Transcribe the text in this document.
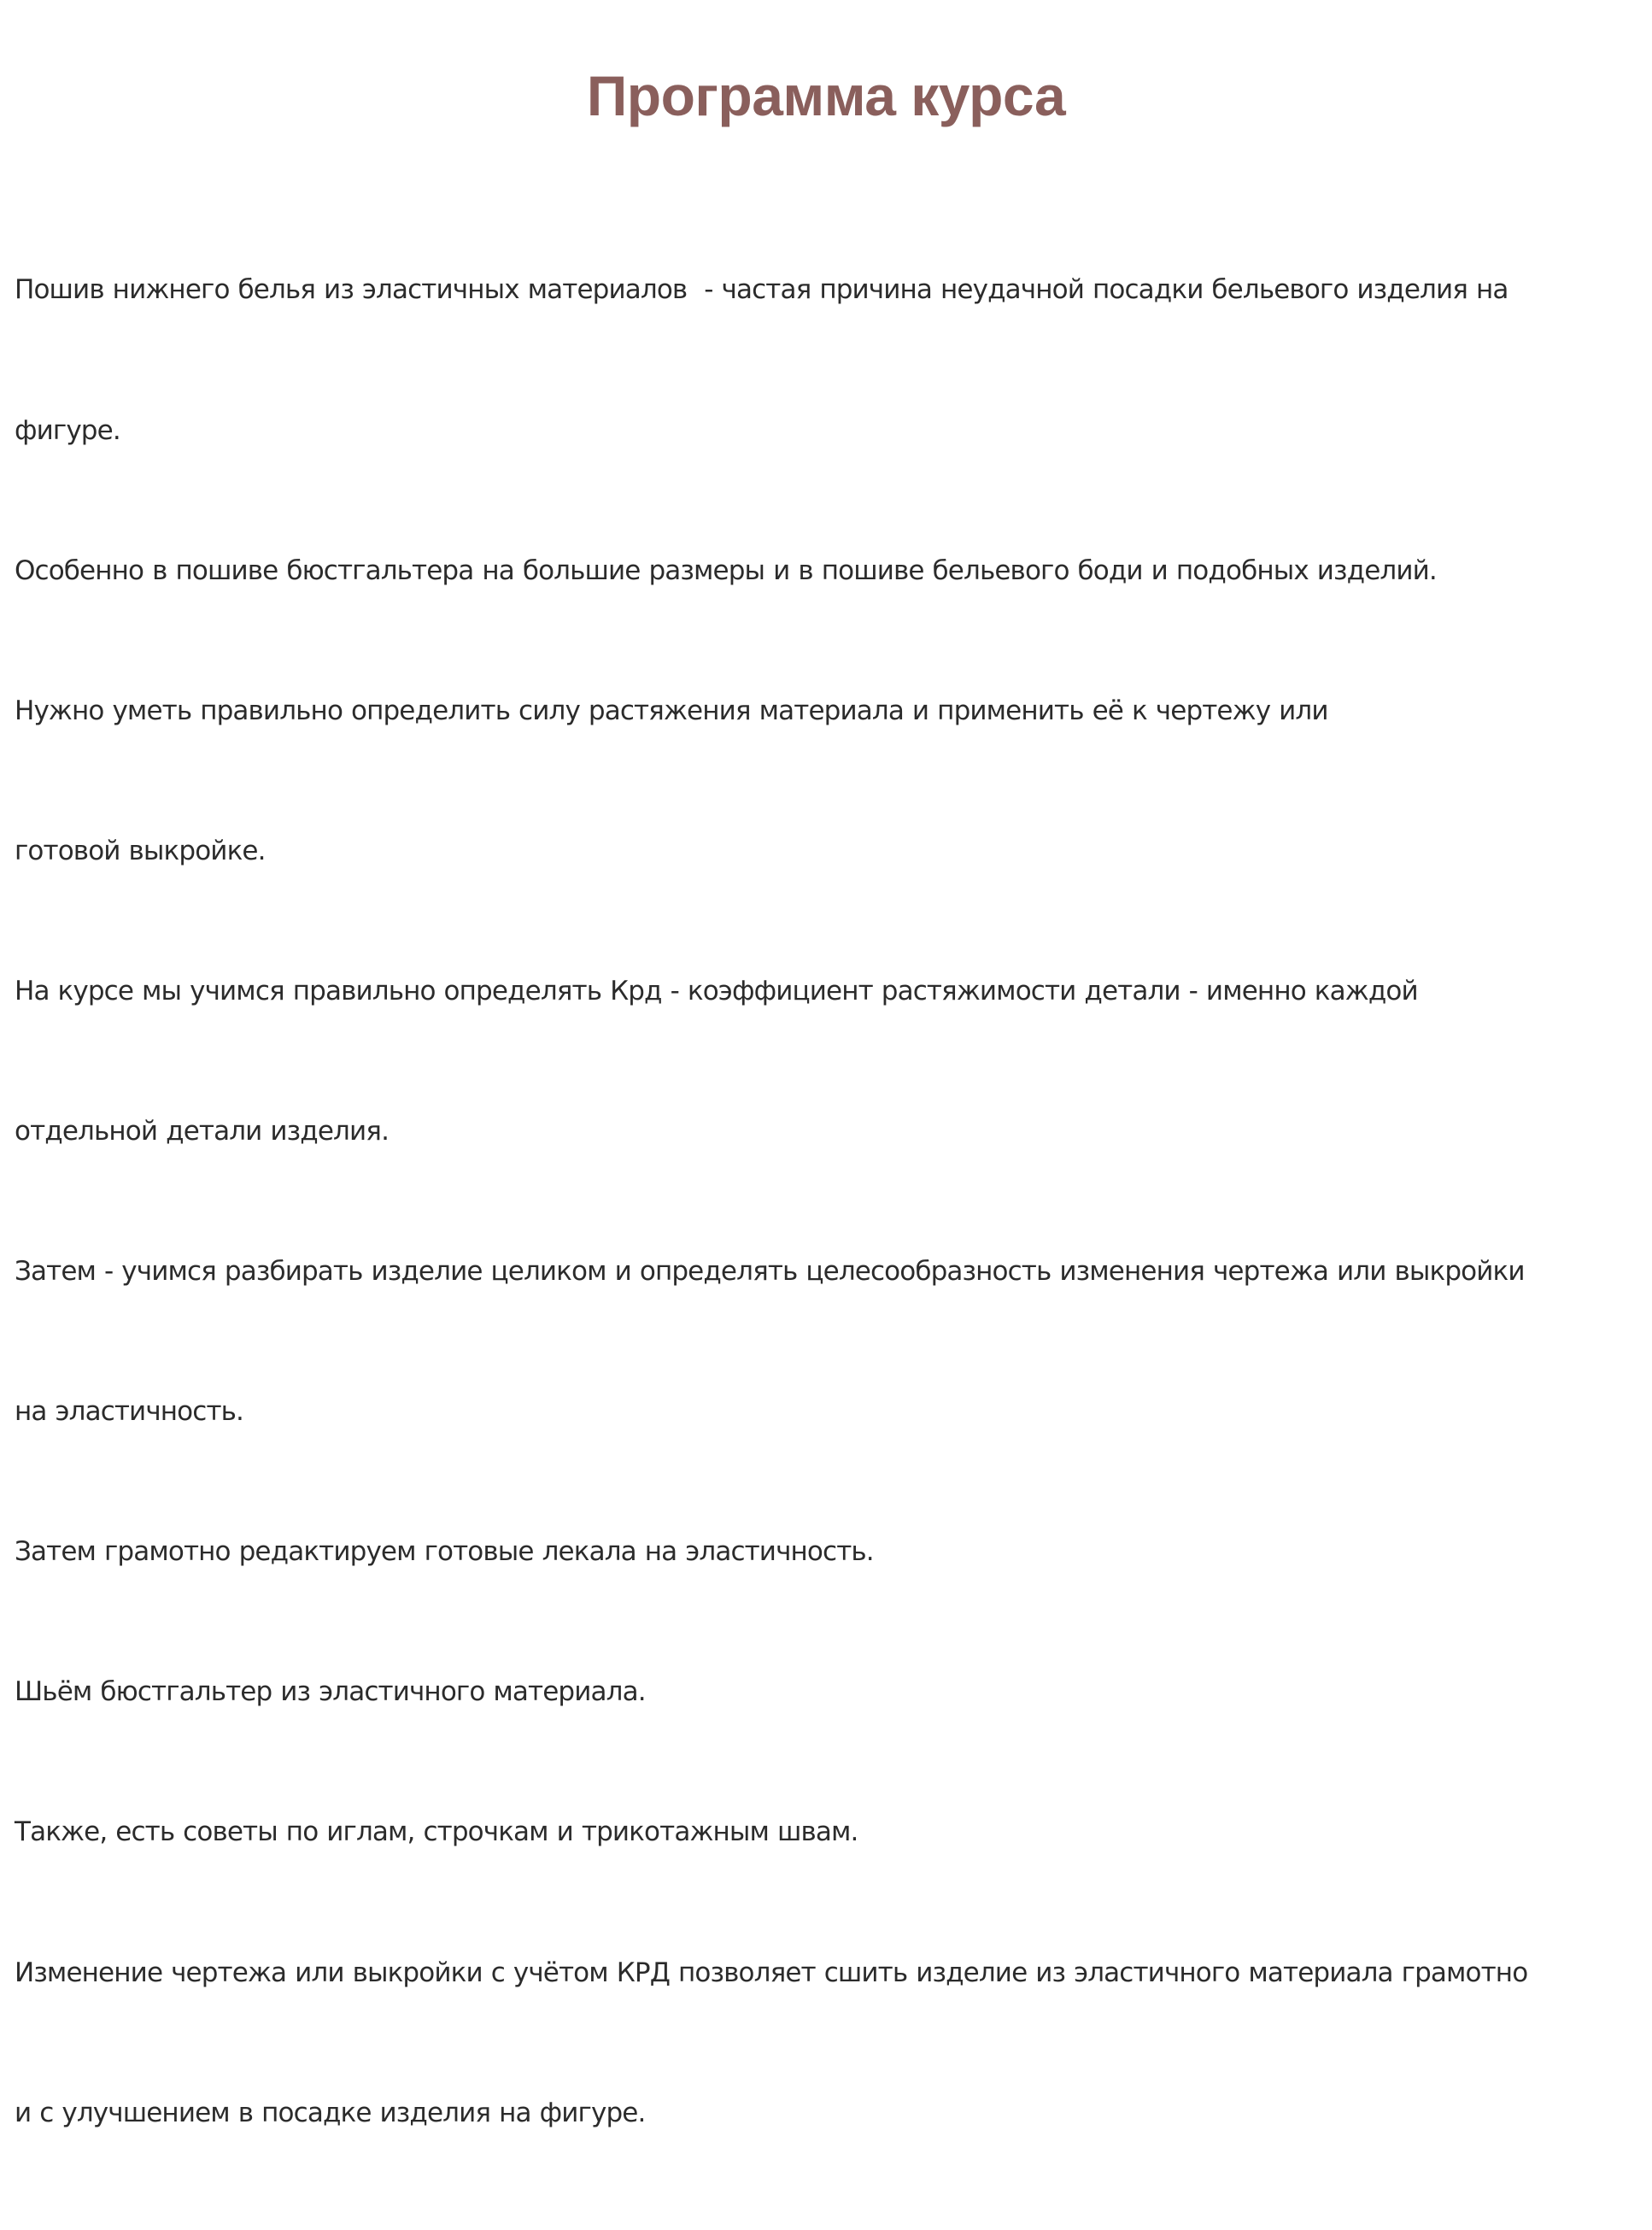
Программа курса

Пошив нижнего белья из эластичных материалов  - частая причина неудачной посадки бельевого изделия на

фигуре.

Особенно в пошиве бюстгальтера на большие размеры и в пошиве бельевого боди и подобных изделий.

Нужно уметь правильно определить силу растяжения материала и применить её к чертежу или

готовой выкройке.

На курсе мы учимся правильно определять Крд - коэффициент растяжимости детали - именно каждой

отдельной детали изделия.

Затем - учимся разбирать изделие целиком и определять целесообразность изменения чертежа или выкройки

на эластичность.

Затем грамотно редактируем готовые лекала на эластичность.

Шьём бюстгальтер из эластичного материала.

Также, есть советы по иглам, строчкам и трикотажным швам.

Изменение чертежа или выкройки с учётом КРД позволяет сшить изделие из эластичного материала грамотно

и с улучшением в посадке изделия на фигуре.
